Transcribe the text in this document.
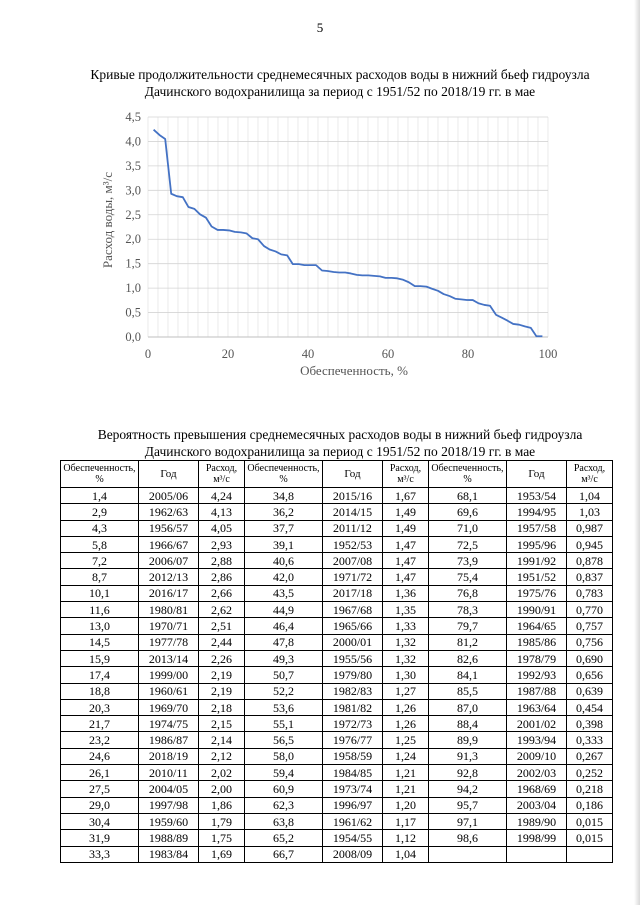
5
Кривые продолжительности среднемесячных расходов воды в нижний бьеф гидроузла
Дачинского водохранилища за период с 1951/52 по 2018/19 гг. в мае
0,0
0,5
1,0
1,5
2,0
2,5
3,0
3,5
4,0
4,5
0	20	40	60	80	100
Обеспеченность, %
Расход воды, м³/с
Вероятность превышения среднемесячных расходов воды в нижний бьеф гидроузла
Дачинского водохранилища за период с 1951/52 по 2018/19 гг. в мае
Обеспеченность, %	Год	Расход, м³/с	Обеспеченность, %	Год	Расход, м³/с	Обеспеченность, %	Год	Расход, м³/с
1,4	2005/06	4,24	34,8	2015/16	1,67	68,1	1953/54	1,04
2,9	1962/63	4,13	36,2	2014/15	1,49	69,6	1994/95	1,03
4,3	1956/57	4,05	37,7	2011/12	1,49	71,0	1957/58	0,987
5,8	1966/67	2,93	39,1	1952/53	1,47	72,5	1995/96	0,945
7,2	2006/07	2,88	40,6	2007/08	1,47	73,9	1991/92	0,878
8,7	2012/13	2,86	42,0	1971/72	1,47	75,4	1951/52	0,837
10,1	2016/17	2,66	43,5	2017/18	1,36	76,8	1975/76	0,783
11,6	1980/81	2,62	44,9	1967/68	1,35	78,3	1990/91	0,770
13,0	1970/71	2,51	46,4	1965/66	1,33	79,7	1964/65	0,757
14,5	1977/78	2,44	47,8	2000/01	1,32	81,2	1985/86	0,756
15,9	2013/14	2,26	49,3	1955/56	1,32	82,6	1978/79	0,690
17,4	1999/00	2,19	50,7	1979/80	1,30	84,1	1992/93	0,656
18,8	1960/61	2,19	52,2	1982/83	1,27	85,5	1987/88	0,639
20,3	1969/70	2,18	53,6	1981/82	1,26	87,0	1963/64	0,454
21,7	1974/75	2,15	55,1	1972/73	1,26	88,4	2001/02	0,398
23,2	1986/87	2,14	56,5	1976/77	1,25	89,9	1993/94	0,333
24,6	2018/19	2,12	58,0	1958/59	1,24	91,3	2009/10	0,267
26,1	2010/11	2,02	59,4	1984/85	1,21	92,8	2002/03	0,252
27,5	2004/05	2,00	60,9	1973/74	1,21	94,2	1968/69	0,218
29,0	1997/98	1,86	62,3	1996/97	1,20	95,7	2003/04	0,186
30,4	1959/60	1,79	63,8	1961/62	1,17	97,1	1989/90	0,015
31,9	1988/89	1,75	65,2	1954/55	1,12	98,6	1998/99	0,015
33,3	1983/84	1,69	66,7	2008/09	1,04			
